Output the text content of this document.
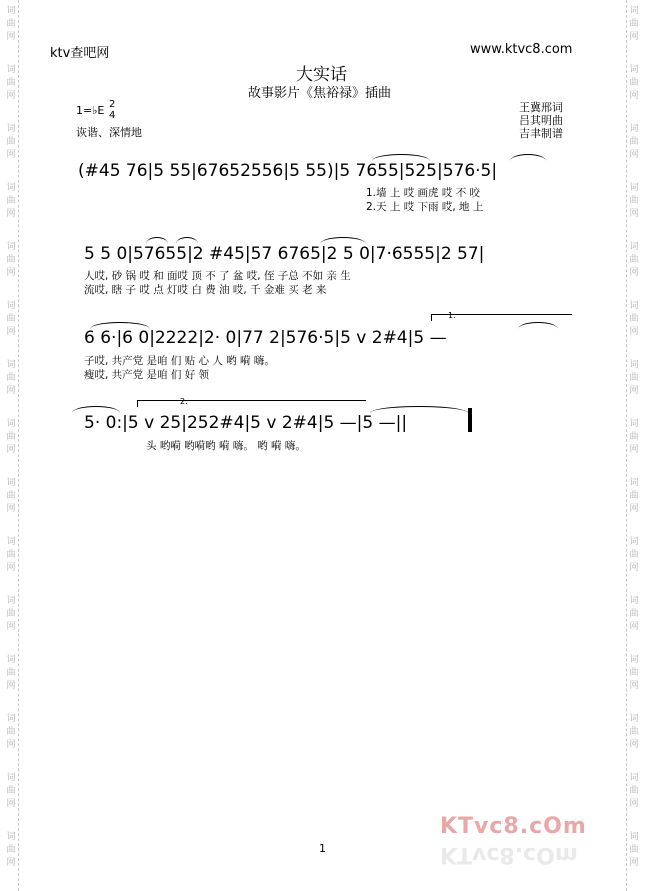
词
曲
网
词
曲
网
词
曲
网
词
曲
网
词
曲
网
词
曲
网
词
曲
网
词
曲
网
词
曲
网
词
曲
网
词
曲
网
词
曲
网
词
曲
网
词
曲
网
词
曲
网
词
曲
网
词
曲
网
词
曲
网
词
曲
网
词
曲
网
词
曲
网
词
曲
网
词
曲
网
词
曲
网
词
曲
网
词
曲
网
词
曲
网
词
曲
网
词
曲
网
词
曲
网
ktv查吧网	www.ktvc8.com
大实话
故事影片《焦裕禄》插曲
1=♭E 2
4
诙谐、深情地
王冀邢词
吕其明曲
吉聿制谱
(#45 76|5 55|67652556|5 55)|5 7655|525|576·5|
1.墙 上 哎 画虎 哎 不 咬
2.天 上 哎 下雨 哎, 地 上
5 5 0|57655|2 #45|57 6765|2 5 0|7·6555|2 57|
人哎, 砂 锅 哎 和 面哎 顶 不 了 盆 哎, 侄 子总 不如 亲 生
流哎, 瞎 子 哎 点 灯哎 白 费 油 哎, 千 金难 买 老 来
6 6·|6 0|2222|2· 0|77 2|576·5|5 v 2#4|5 —
子哎, 共产党 是咱 们 贴 心 人 哟 嗬 嗨。
瘦哎, 共产党 是咱 们 好 领
5· 0:|5 v 25|252#4|5 v 2#4|5 —|5 —||
头 哟嗬 哟嗬哟 嗬 嗨。 哟 嗬 嗨。
1.
2.
1
KTvc8.cOm
KTvc8.cOm
